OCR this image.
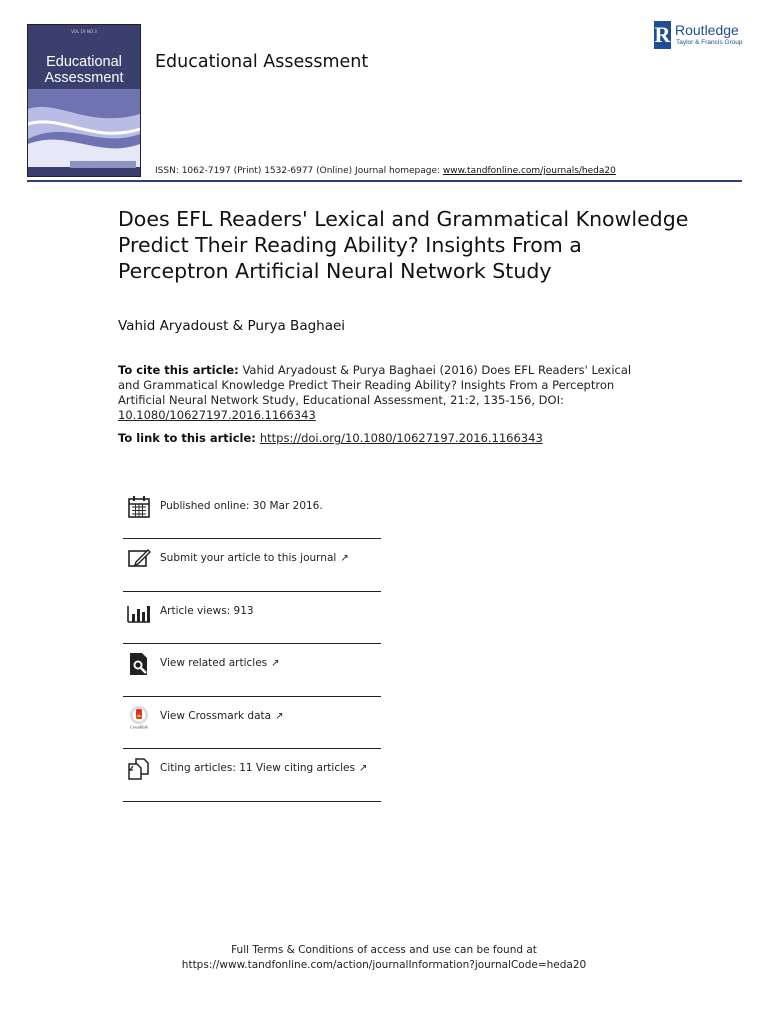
VOL 19 NO 3
Educational
Assessment
Educational Assessment
R Routledge
Taylor & Francis Group
ISSN: 1062-7197 (Print) 1532-6977 (Online) Journal homepage: www.tandfonline.com/journals/heda20
Does EFL Readers' Lexical and Grammatical Knowledge Predict Their Reading Ability? Insights From a Perceptron Artificial Neural Network Study
Vahid Aryadoust & Purya Baghaei
To cite this article: Vahid Aryadoust & Purya Baghaei (2016) Does EFL Readers' Lexical and Grammatical Knowledge Predict Their Reading Ability? Insights From a Perceptron Artificial Neural Network Study, Educational Assessment, 21:2, 135-156, DOI: 10.1080/10627197.2016.1166343
To link to this article: https://doi.org/10.1080/10627197.2016.1166343
Published online: 30 Mar 2016.
Submit your article to this journal ↗
Article views: 913
View related articles ↗
CrossMark
View Crossmark data ↗
Citing articles: 11 View citing articles ↗
Full Terms & Conditions of access and use can be found at
https://www.tandfonline.com/action/journalInformation?journalCode=heda20
